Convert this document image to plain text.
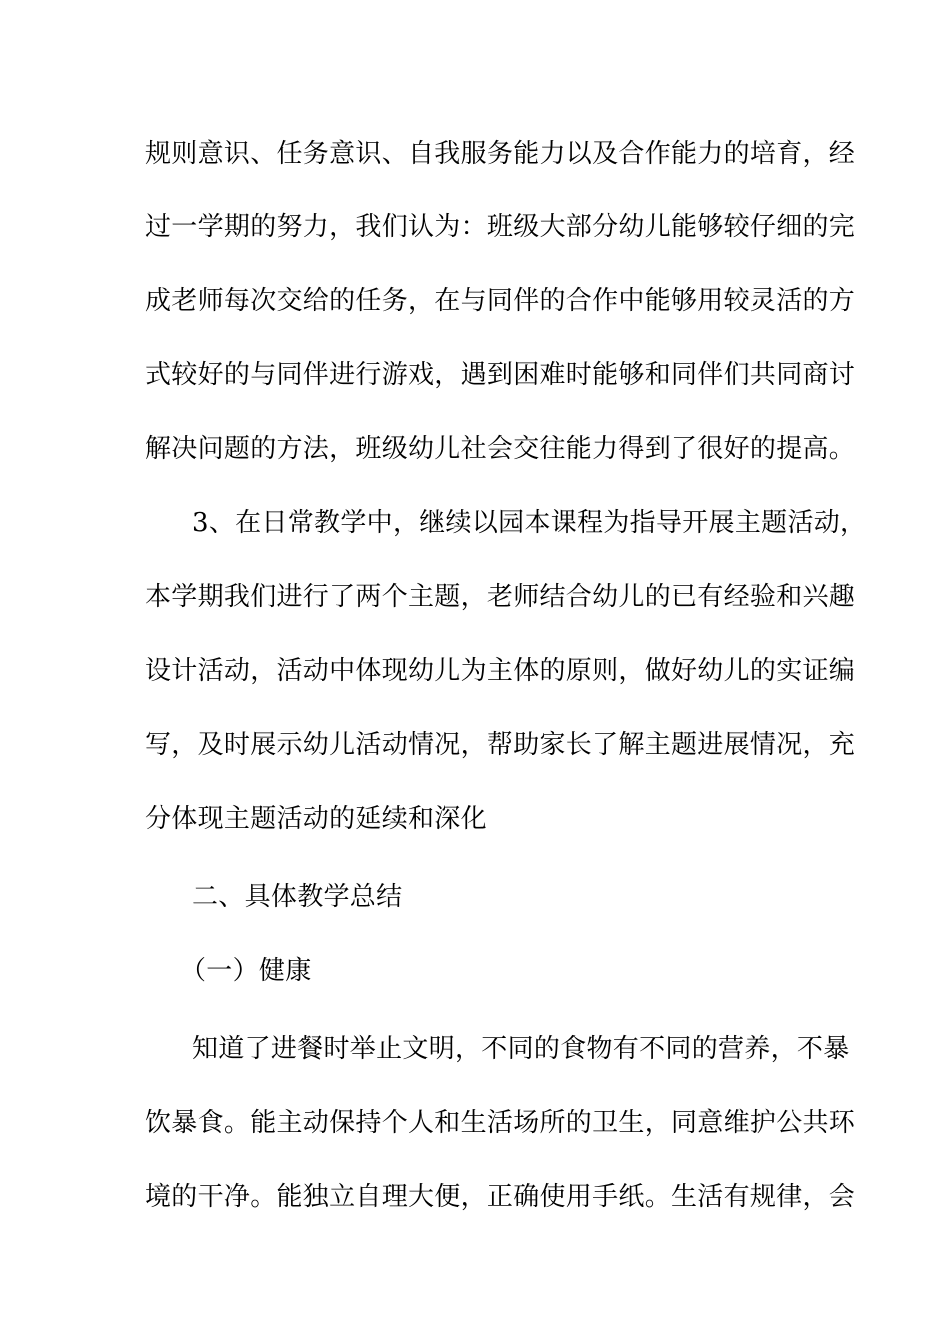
规则意识、任务意识、自我服务能力以及合作能力的培育，经
过一学期的努力，我们认为：班级大部分幼儿能够较仔细的完
成老师每次交给的任务，在与同伴的合作中能够用较灵活的方
式较好的与同伴进行游戏，遇到困难时能够和同伴们共同商讨
解决问题的方法，班级幼儿社会交往能力得到了很好的提高。
3、在日常教学中，继续以园本课程为指导开展主题活动，
本学期我们进行了两个主题，老师结合幼儿的已有经验和兴趣
设计活动，活动中体现幼儿为主体的原则，做好幼儿的实证编
写，及时展示幼儿活动情况，帮助家长了解主题进展情况，充
分体现主题活动的延续和深化
二、具体教学总结
（一）健康
知道了进餐时举止文明，不同的食物有不同的营养，不暴
饮暴食。能主动保持个人和生活场所的卫生，同意维护公共环
境的干净。能独立自理大便，正确使用手纸。生活有规律，会
